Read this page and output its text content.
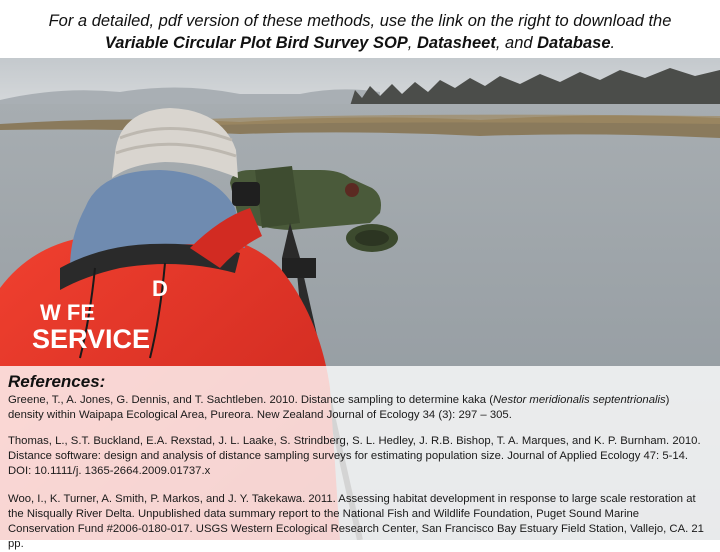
For a detailed, pdf version of these methods, use the link on the right to download the
Variable Circular Plot Bird Survey SOP, Datasheet, and Database.
D
W FE
SERVICE
References:
Greene, T., A. Jones, G. Dennis, and T. Sachtleben. 2010. Distance sampling to determine kaka (Nestor meridionalis septentrionalis) density within Waipapa Ecological Area, Pureora. New Zealand Journal of Ecology 34 (3): 297 – 305.
Thomas, L., S.T. Buckland, E.A. Rexstad, J. L. Laake, S. Strindberg, S. L. Hedley, J. R.B. Bishop, T. A. Marques, and K. P. Burnham. 2010. Distance software: design and analysis of distance sampling surveys for estimating population size. Journal of Applied Ecology 47: 5-14. DOI: 10.1111/j. 1365-2664.2009.01737.x
Woo, I., K. Turner, A. Smith, P. Markos, and J. Y. Takekawa. 2011. Assessing habitat development in response to large scale restoration at the Nisqually River Delta. Unpublished data summary report to the National Fish and Wildlife Foundation, Puget Sound Marine Conservation Fund #2006-0180-017. USGS Western Ecological Research Center, San Francisco Bay Estuary Field Station, Vallejo, CA. 21 pp.
